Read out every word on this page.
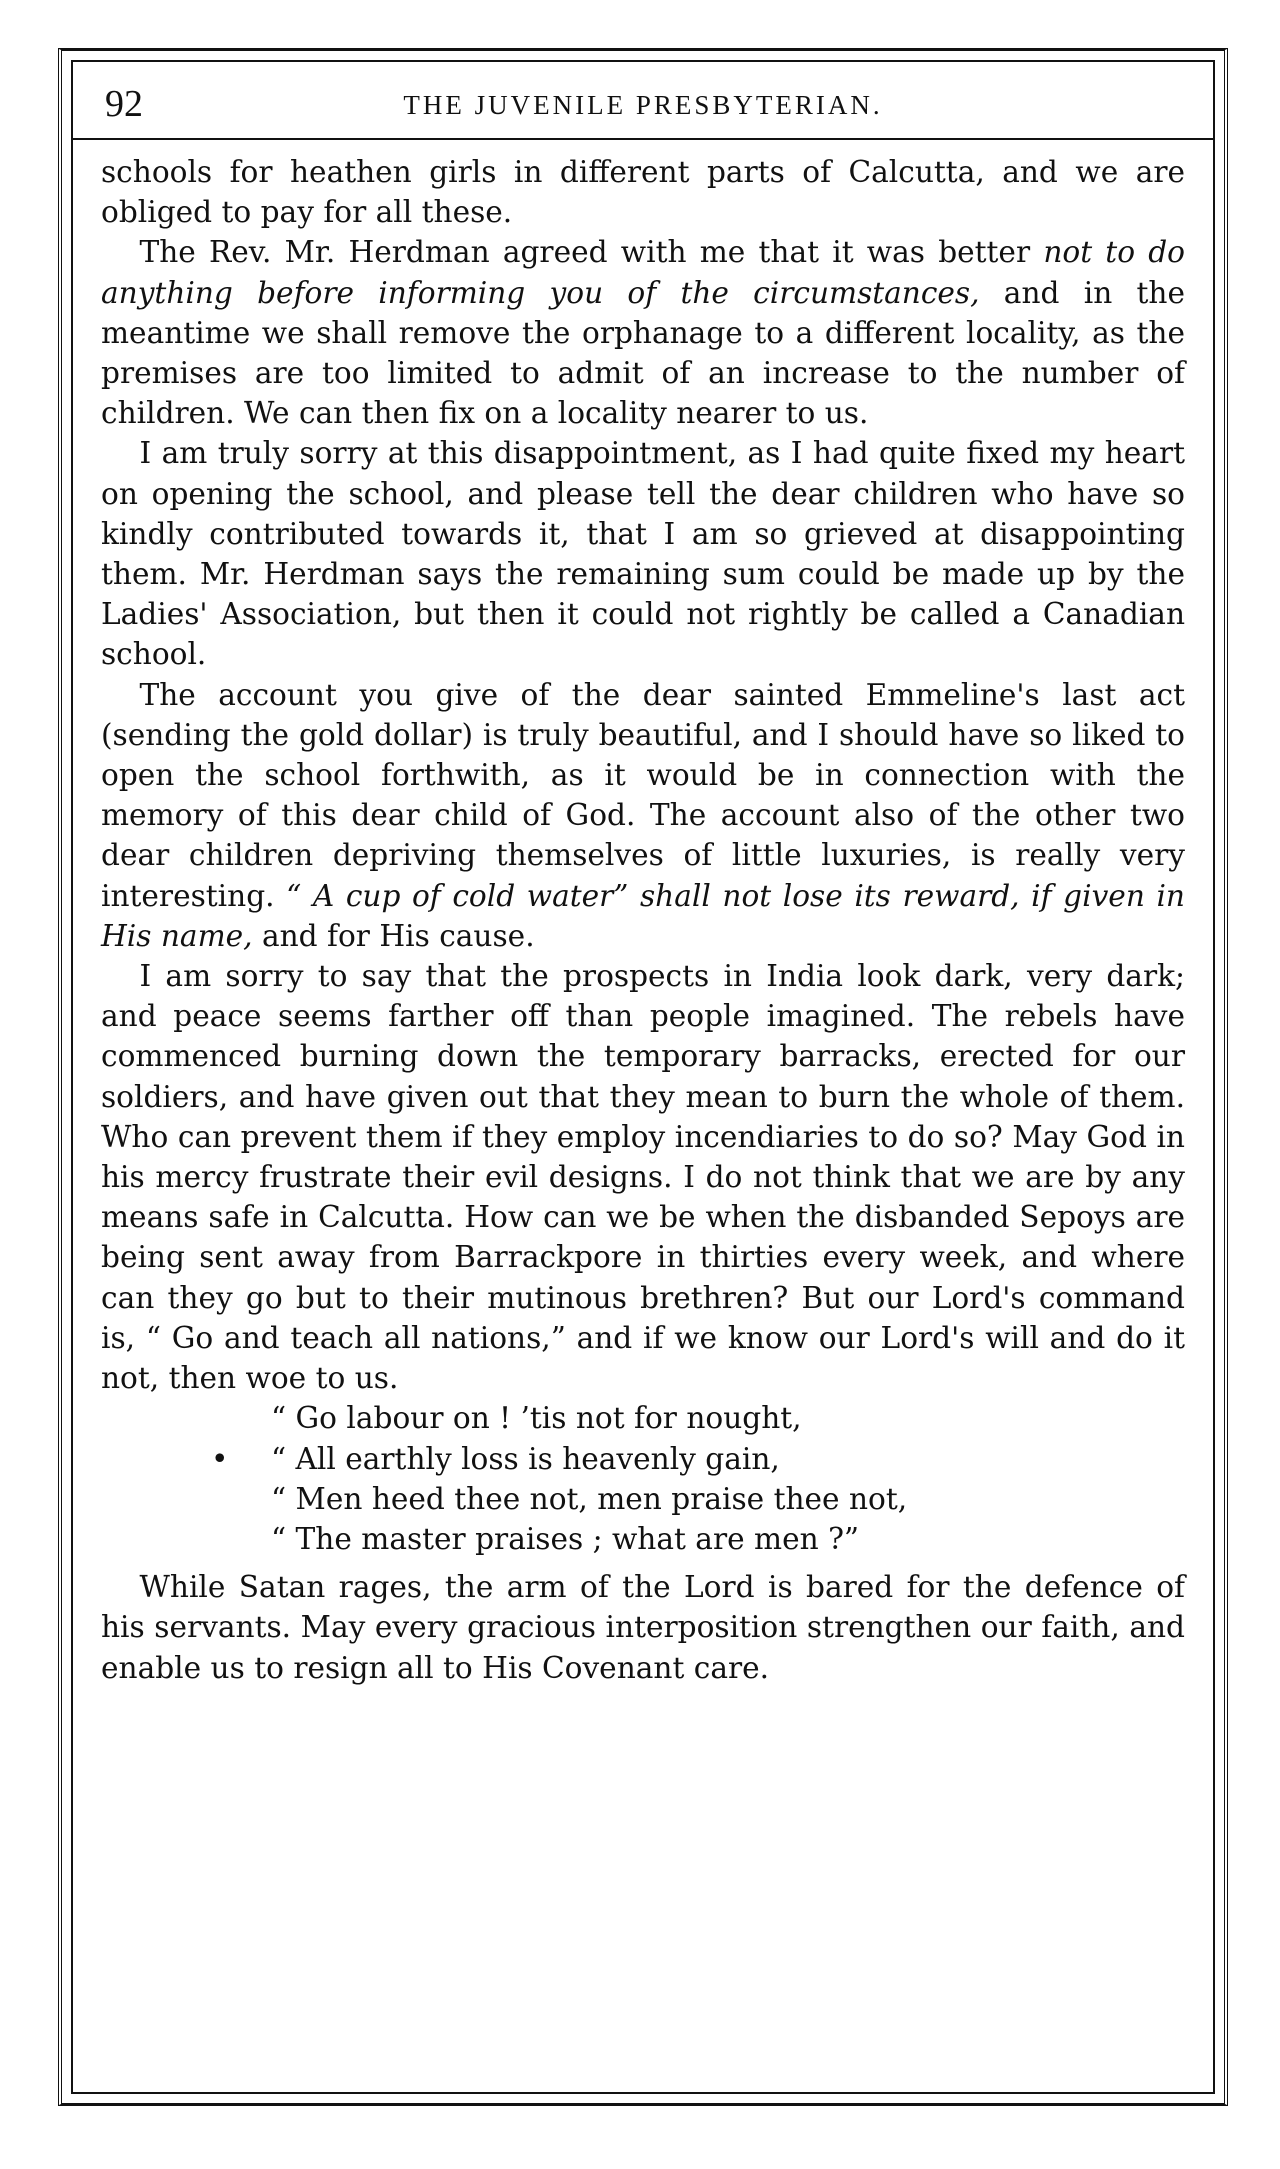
92	THE JUVENILE PRESBYTERIAN.

schools for heathen girls in different parts of Calcutta, and we are obliged to pay for all these.

The Rev. Mr. Herdman agreed with me that it was better not to do anything before informing you of the circumstances, and in the meantime we shall remove the orphanage to a different locality, as the premises are too limited to admit of an increase to the number of children. We can then fix on a locality nearer to us.

I am truly sorry at this disappointment, as I had quite fixed my heart on opening the school, and please tell the dear children who have so kindly contributed towards it, that I am so grieved at disappointing them. Mr. Herdman says the remaining sum could be made up by the Ladies' Association, but then it could not rightly be called a Canadian school.

The account you give of the dear sainted Emmeline's last act (sending the gold dollar) is truly beautiful, and I should have so liked to open the school forthwith, as it would be in connection with the memory of this dear child of God. The account also of the other two dear children depriving themselves of little luxuries, is really very interesting. “ A cup of cold water” shall not lose its reward, if given in His name, and for His cause.

I am sorry to say that the prospects in India look dark, very dark; and peace seems farther off than people imagined. The rebels have commenced burning down the temporary barracks, erected for our soldiers, and have given out that they mean to burn the whole of them. Who can prevent them if they employ incendiaries to do so? May God in his mercy frustrate their evil designs. I do not think that we are by any means safe in Calcutta. How can we be when the disbanded Sepoys are being sent away from Barrackpore in thirties every week, and where can they go but to their mutinous brethren? But our Lord's command is, “ Go and teach all nations,” and if we know our Lord's will and do it not, then woe to us.

“ Go labour on ! ’tis not for nought,
• “ All earthly loss is heavenly gain,
“ Men heed thee not, men praise thee not,
“ The master praises ; what are men ?”

While Satan rages, the arm of the Lord is bared for the defence of his servants. May every gracious interposition strengthen our faith, and enable us to resign all to His Covenant care.
